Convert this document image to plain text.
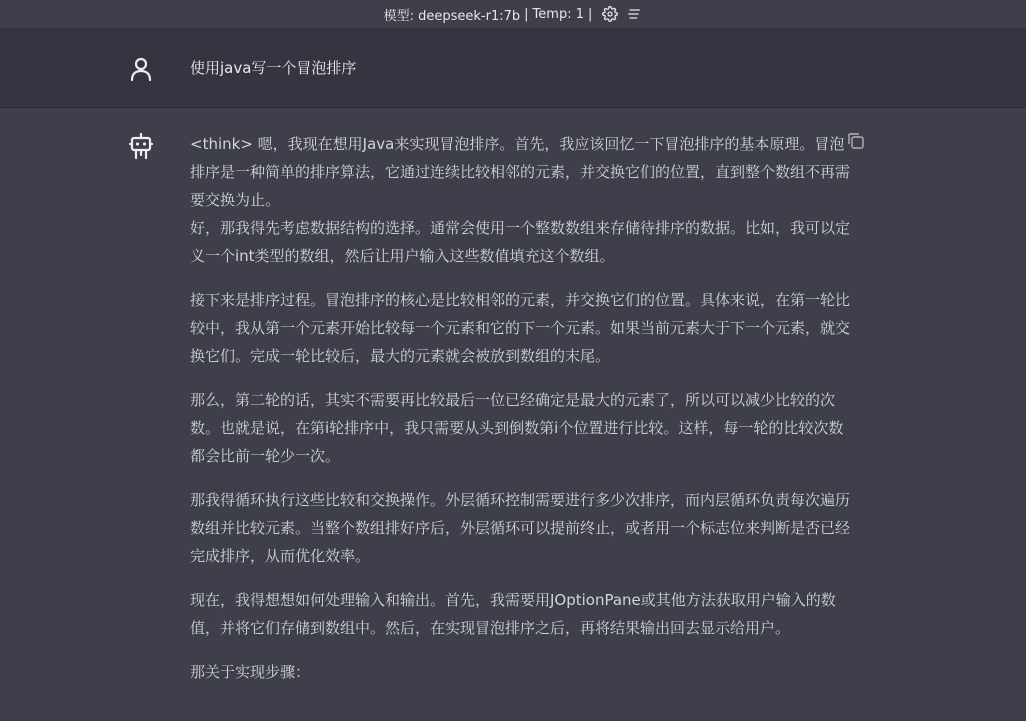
模型: deepseek-r1:7b | Temp: 1 |
使用java写一个冒泡排序

<think> 嗯，我现在想用Java来实现冒泡排序。首先，我应该回忆一下冒泡排序的基本原理。冒泡排序是一种简单的排序算法，它通过连续比较相邻的元素，并交换它们的位置，直到整个数组不再需要交换为止。
好，那我得先考虑数据结构的选择。通常会使用一个整数数组来存储待排序的数据。比如，我可以定义一个int类型的数组，然后让用户输入这些数值填充这个数组。

接下来是排序过程。冒泡排序的核心是比较相邻的元素，并交换它们的位置。具体来说，在第一轮比较中，我从第一个元素开始比较每一个元素和它的下一个元素。如果当前元素大于下一个元素，就交换它们。完成一轮比较后，最大的元素就会被放到数组的末尾。

那么，第二轮的话，其实不需要再比较最后一位已经确定是最大的元素了，所以可以减少比较的次数。也就是说，在第i轮排序中，我只需要从头到倒数第i个位置进行比较。这样，每一轮的比较次数都会比前一轮少一次。

那我得循环执行这些比较和交换操作。外层循环控制需要进行多少次排序，而内层循环负责每次遍历数组并比较元素。当整个数组排好序后，外层循环可以提前终止，或者用一个标志位来判断是否已经完成排序，从而优化效率。

现在，我得想想如何处理输入和输出。首先，我需要用JOptionPane或其他方法获取用户输入的数值，并将它们存储到数组中。然后，在实现冒泡排序之后，再将结果输出回去显示给用户。

那关于实现步骤：
